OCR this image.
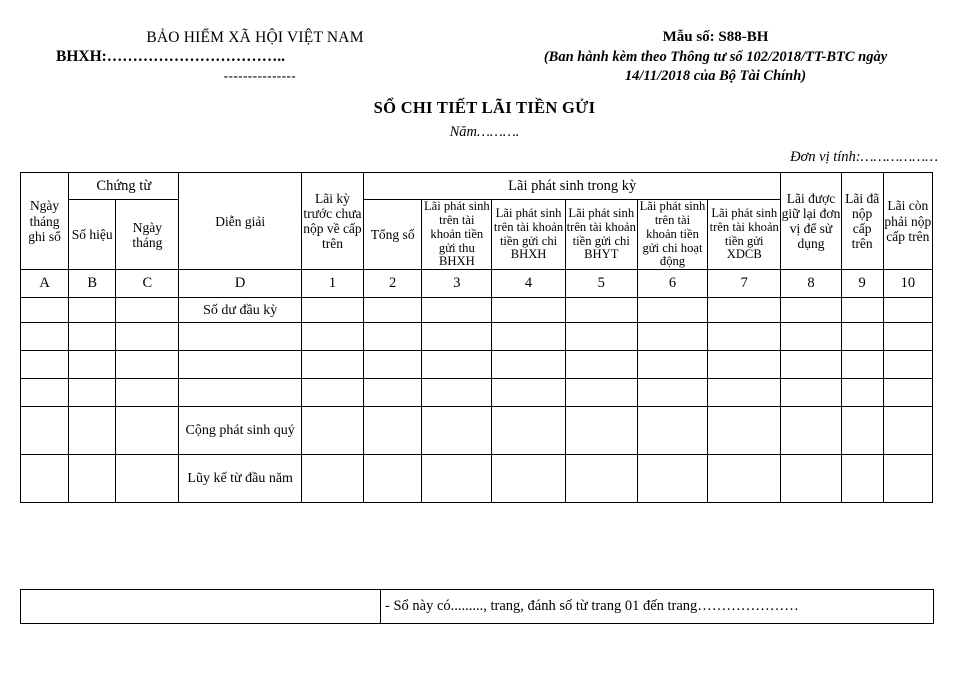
BẢO HIỂM XÃ HỘI VIỆT NAM
BHXH:……………………………..
---------------
Mẫu số: S88-BH
(Ban hành kèm theo Thông tư số 102/2018/TT-BTC ngày
14/11/2018 của Bộ Tài Chính)
SỔ CHI TIẾT LÃI TIỀN GỬI
Năm……….
Đơn vị tính:………………
Ngày tháng ghi sổ	Chứng từ		Diễn giải	Lãi kỳ trước chưa nộp về cấp trên	Lãi phát sinh trong kỳ						Lãi được giữ lại đơn vị để sử dụng	Lãi đã nộp cấp trên	Lãi còn phải nộp cấp trên
	Số hiệu	Ngày tháng			Tổng số	Lãi phát sinh trên tài khoản tiền gửi thu BHXH	Lãi phát sinh trên tài khoản tiền gửi chi BHXH	Lãi phát sinh trên tài khoản tiền gửi chi BHYT	Lãi phát sinh trên tài khoản tiền gửi chi hoạt động	Lãi phát sinh trên tài khoản tiền gửi XDCB			

A	B	C	D	1	2	3	4	5	6	7	8	9	10
			Số dư đầu kỳ										

			Cộng phát sinh quý										
			Lũy kế từ đầu năm										
	- Sổ này có........., trang, đánh số từ trang 01 đến trang…………………
